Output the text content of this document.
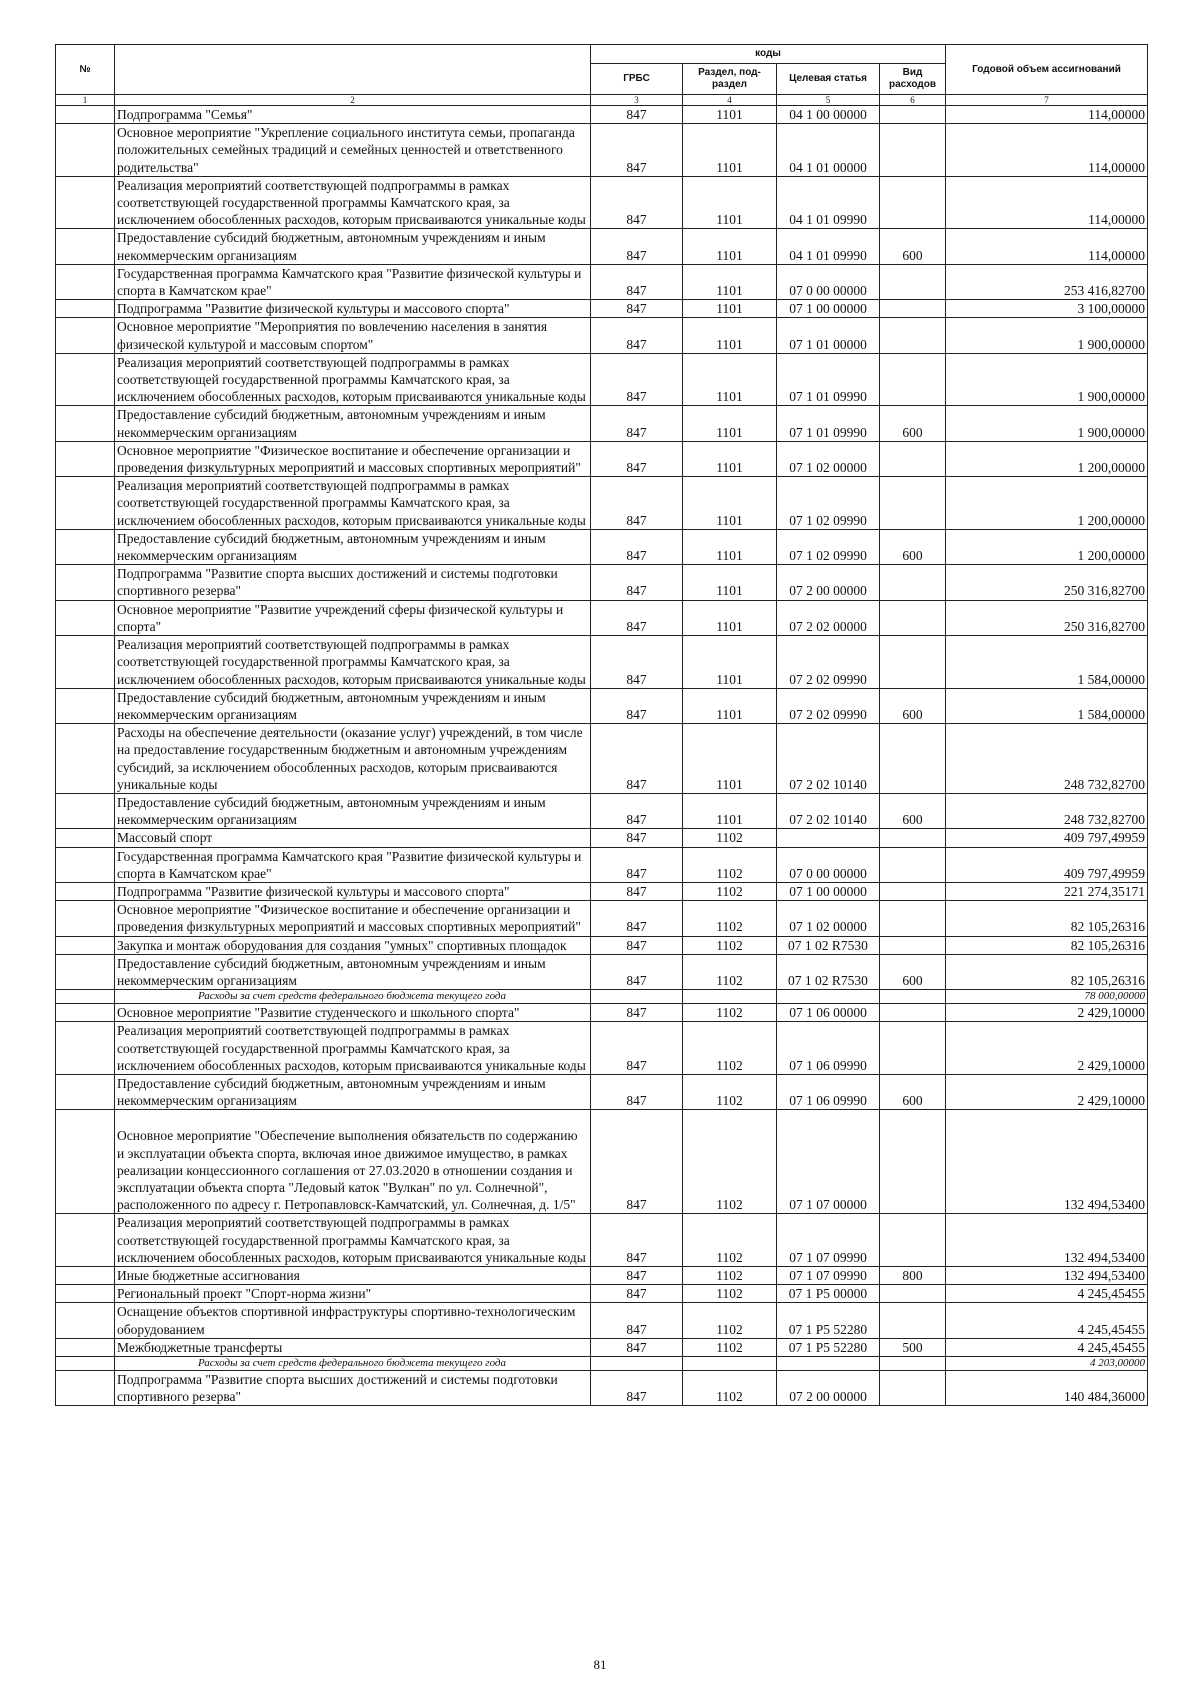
№		коды				Годовой объем ассигнований
		ГРБС	Раздел, под-раздел	Целевая статья	Вид расходов	
1	2	3	4	5	6	7
	Подпрограмма "Семья"	847	1101	04 1 00 00000		114,00000
	Основное мероприятие "Укрепление социального института семьи, пропаганда положительных семейных традиций и семейных ценностей и ответственного родительства"	847	1101	04 1 01 00000		114,00000
	Реализация мероприятий соответствующей подпрограммы в рамках соответствующей государственной программы Камчатского края, за исключением обособленных расходов, которым присваиваются уникальные коды	847	1101	04 1 01 09990		114,00000
	Предоставление субсидий бюджетным, автономным учреждениям и иным некоммерческим организациям	847	1101	04 1 01 09990	600	114,00000
	Государственная программа Камчатского края "Развитие физической культуры и спорта в Камчатском крае"	847	1101	07 0 00 00000		253 416,82700
	Подпрограмма "Развитие физической культуры и массового спорта"	847	1101	07 1 00 00000		3 100,00000
	Основное мероприятие "Мероприятия по вовлечению населения в занятия физической культурой и массовым спортом"	847	1101	07 1 01 00000		1 900,00000
	Реализация мероприятий соответствующей подпрограммы в рамках соответствующей государственной программы Камчатского края, за исключением обособленных расходов, которым присваиваются уникальные коды	847	1101	07 1 01 09990		1 900,00000
	Предоставление субсидий бюджетным, автономным учреждениям и иным некоммерческим организациям	847	1101	07 1 01 09990	600	1 900,00000
	Основное мероприятие "Физическое воспитание и обеспечение организации и проведения физкультурных мероприятий и массовых спортивных мероприятий"	847	1101	07 1 02 00000		1 200,00000
	Реализация мероприятий соответствующей подпрограммы в рамках соответствующей государственной программы Камчатского края, за исключением обособленных расходов, которым присваиваются уникальные коды	847	1101	07 1 02 09990		1 200,00000
	Предоставление субсидий бюджетным, автономным учреждениям и иным некоммерческим организациям	847	1101	07 1 02 09990	600	1 200,00000
	Подпрограмма "Развитие спорта высших достижений и системы подготовки спортивного резерва"	847	1101	07 2 00 00000		250 316,82700
	Основное мероприятие "Развитие учреждений сферы физической культуры и спорта"	847	1101	07 2 02 00000		250 316,82700
	Реализация мероприятий соответствующей подпрограммы в рамках соответствующей государственной программы Камчатского края, за исключением обособленных расходов, которым присваиваются уникальные коды	847	1101	07 2 02 09990		1 584,00000
	Предоставление субсидий бюджетным, автономным учреждениям и иным некоммерческим организациям	847	1101	07 2 02 09990	600	1 584,00000
	Расходы на обеспечение деятельности (оказание услуг) учреждений, в том числе на предоставление государственным бюджетным и автономным учреждениям субсидий, за исключением обособленных расходов, которым присваиваются уникальные коды	847	1101	07 2 02 10140		248 732,82700
	Предоставление субсидий бюджетным, автономным учреждениям и иным некоммерческим организациям	847	1101	07 2 02 10140	600	248 732,82700
	Массовый спорт	847	1102			409 797,49959
	Государственная программа Камчатского края "Развитие физической культуры и спорта в Камчатском крае"	847	1102	07 0 00 00000		409 797,49959
	Подпрограмма "Развитие физической культуры и массового спорта"	847	1102	07 1 00 00000		221 274,35171
	Основное мероприятие "Физическое воспитание и обеспечение организации и проведения физкультурных мероприятий и массовых спортивных мероприятий"	847	1102	07 1 02 00000		82 105,26316
	Закупка и монтаж оборудования для создания "умных" спортивных площадок	847	1102	07 1 02 R7530		82 105,26316
	Предоставление субсидий бюджетным, автономным учреждениям и иным некоммерческим организациям	847	1102	07 1 02 R7530	600	82 105,26316
	Расходы за счет средств федерального бюджета текущего года					78 000,00000
	Основное мероприятие "Развитие студенческого и школьного спорта"	847	1102	07 1 06 00000		2 429,10000
	Реализация мероприятий соответствующей подпрограммы в рамках соответствующей государственной программы Камчатского края, за исключением обособленных расходов, которым присваиваются уникальные коды	847	1102	07 1 06 09990		2 429,10000
	Предоставление субсидий бюджетным, автономным учреждениям и иным некоммерческим организациям	847	1102	07 1 06 09990	600	2 429,10000
	Основное мероприятие "Обеспечение выполнения обязательств по содержанию и эксплуатации объекта спорта, включая иное движимое имущество, в рамках реализации концессионного соглашения от 27.03.2020 в отношении создания и эксплуатации объекта спорта "Ледовый каток "Вулкан" по ул. Солнечной", расположенного по адресу г. Петропавловск-Камчатский, ул. Солнечная, д. 1/5"	847	1102	07 1 07 00000		132 494,53400
	Реализация мероприятий соответствующей подпрограммы в рамках соответствующей государственной программы Камчатского края, за исключением обособленных расходов, которым присваиваются уникальные коды	847	1102	07 1 07 09990		132 494,53400
	Иные бюджетные ассигнования	847	1102	07 1 07 09990	800	132 494,53400
	Региональный проект "Спорт-норма жизни"	847	1102	07 1 P5 00000		4 245,45455
	Оснащение объектов спортивной инфраструктуры спортивно-технологическим оборудованием	847	1102	07 1 P5 52280		4 245,45455
	Межбюджетные трансферты	847	1102	07 1 P5 52280	500	4 245,45455
	Расходы за счет средств федерального бюджета текущего года					4 203,00000
	Подпрограмма "Развитие спорта высших достижений и системы подготовки спортивного резерва"	847	1102	07 2 00 00000		140 484,36000
81
